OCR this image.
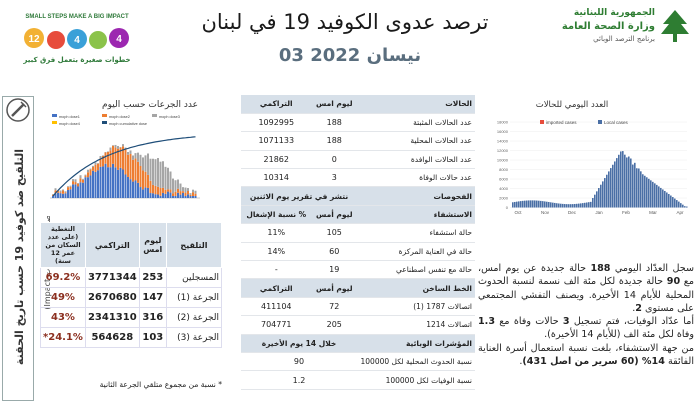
SMALL STEPS MAKE A BIG IMPACT
12	4	4
خطوات صغيرة بتعمل فرق كبير
ترصد عدوى الكوفيد 19 في لبنان
03 نيسان 2022
الجمهورية اللبنانية
وزارة الصحة العامة
برنامج الترصد الوبائي
التلقيح ضد كوفيد 19 حسب تاريخ الحقنة (المصدر: Impact)
moph dose1	moph dose2	moph dose3
moph dose4	moph cumulative dose
عدد الجرعات حسب اليوم
التلقيح	ليوم امس	التراكمي	التغطية (على عدد السكان من عمر 12 سنة)
المسجلين	253	3771344	69.2%
الجرعة (1)	147	2670680	49%
الجرعة (2)	316	2341310	43%
الجرعة (3)	103	564628	24.1%*
* نسبة من مجموع متلقي الجرعة الثانية
الحالات	ليوم امس	التراكمي
عدد الحالات المثبتة	188	1092995
عدد الحالات المحلية	188	1071133
عدد الحالات الوافدة	0	21862
عدد حالات الوفاة	3	10314
الفحوصات	نتشر في تقرير يوم الاثنين	
الاستشفاء	ليوم أمس	% نسبة الإشغال
حالة استشفاء	105	11%
حالة في العناية المركزة	60	14%
حالة مع تنفس اصطناعي	19	-
الخط الساخن	ليوم أمس	التراكمي
اتصالات 1787 (1)	72	411104
اتصالات 1214	205	704771
المؤشرات الوبائية	خلال 14 يوم الأخيرة	
نسبة الحدوث المحلية لكل 100000	90	
نسبة الوفيات لكل 100000	1.2	
18000
16000
14000
12000
10000
8000
6000
4000
2000
0
imported cases	Local cases
Oct	Nov	Dec	Jan	Feb	Mar	Apr
العدد اليومي للحالات

سجل العدّاد اليومي 188 حالة جديدة عن يوم امس، مع 90 حالة جديدة لكل مئة الف نسمة لنسبة الحدوث المحلية للأيام 14 الأخيرة. ويصنف التفشي المجتمعي على مستوى 2.

أما عدّاد الوفيات، فتم تسجيل 3 حالات وفاة مع 1.3 وفاة لكل مئة الف (للأيام 14 الأخيرة).

من جهة الاستشفاء، بلغت نسبة استعمال أسرة العناية الفائقة 14% (60 سرير من اصل 431).
